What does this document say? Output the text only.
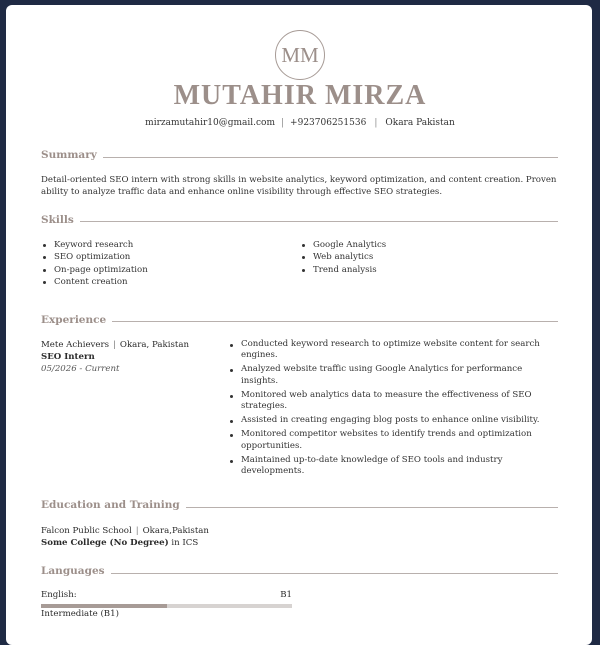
MM
MUTAHIR MIRZA
mirzamutahir10@gmail.com | +923706251536 | Okara Pakistan
Summary
Detail-oriented SEO intern with strong skills in website analytics, keyword optimization, and content creation. Proven ability to analyze traffic data and enhance online visibility through effective SEO strategies.
Skills
Keyword research
SEO optimization
On-page optimization
Content creation
Google Analytics
Web analytics
Trend analysis
Experience
Mete Achievers | Okara, Pakistan
SEO Intern
05/2026 - Current
Conducted keyword research to optimize website content for search engines.
Analyzed website traffic using Google Analytics for performance insights.
Monitored web analytics data to measure the effectiveness of SEO strategies.
Assisted in creating engaging blog posts to enhance online visibility.
Monitored competitor websites to identify trends and optimization opportunities.
Maintained up-to-date knowledge of SEO tools and industry developments.
Education and Training
Falcon Public School | Okara,Pakistan
Some College (No Degree) in ICS
Languages
English:	B1
Intermediate (B1)
